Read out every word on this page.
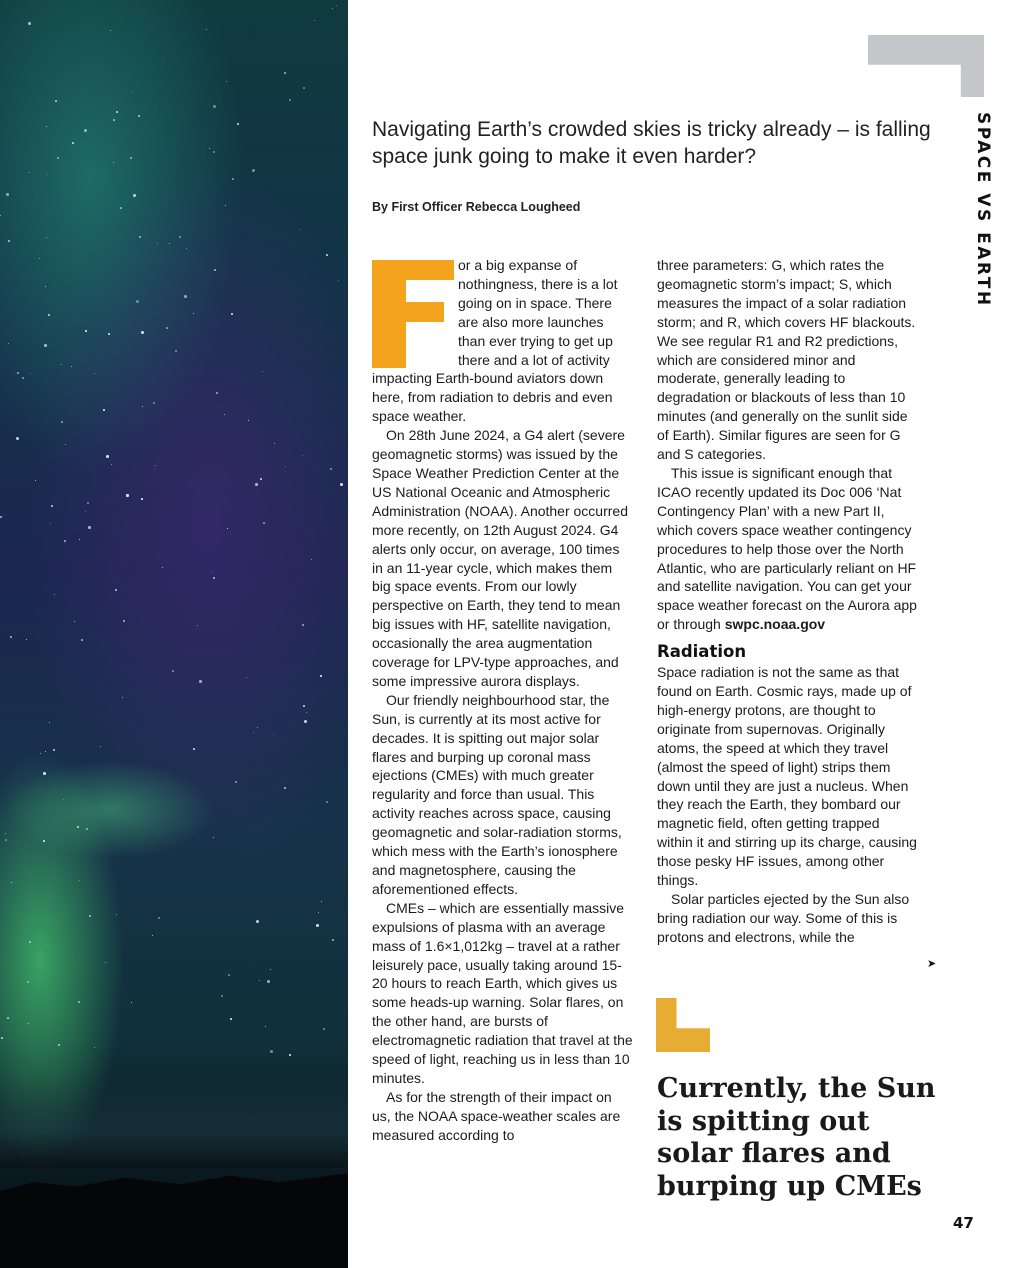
SPACE VS EARTH
Navigating Earth’s crowded skies is tricky already – is falling space junk going to make it even harder?
By First Officer Rebecca Lougheed

or a big expanse of nothingness, there is a lot going on in space. There are also more launches than ever trying to get up there and a lot of activity impacting Earth-bound aviators down here, from radiation to debris and even space weather.

On 28th June 2024, a G4 alert (severe geomagnetic storms) was issued by the Space Weather Prediction Center at the US National Oceanic and Atmospheric Administration (NOAA). Another occurred more recently, on 12th August 2024. G4 alerts only occur, on average, 100 times in an 11-year cycle, which makes them big space events. From our lowly perspective on Earth, they tend to mean big issues with HF, satellite navigation, occasionally the area augmentation coverage for LPV-type approaches, and some impressive aurora displays.

Our friendly neighbourhood star, the Sun, is currently at its most active for decades. It is spitting out major solar flares and burping up coronal mass ejections (CMEs) with much greater regularity and force than usual. This activity reaches across space, causing geomagnetic and solar-radiation storms, which mess with the Earth’s ionosphere and magnetosphere, causing the aforementioned effects.

CMEs – which are essentially massive expulsions of plasma with an average mass of 1.6×1,012kg – travel at a rather leisurely pace, usually taking around 15-20 hours to reach Earth, which gives us some heads-up warning. Solar flares, on the other hand, are bursts of electromagnetic radiation that travel at the speed of light, reaching us in less than 10 minutes.

As for the strength of their impact on us, the NOAA space-weather scales are measured according to

three parameters: G, which rates the geomagnetic storm’s impact; S, which measures the impact of a solar radiation storm; and R, which covers HF blackouts. We see regular R1 and R2 predictions, which are considered minor and moderate, generally leading to degradation or blackouts of less than 10 minutes (and generally on the sunlit side of Earth). Similar figures are seen for G and S categories.

This issue is significant enough that ICAO recently updated its Doc 006 ‘Nat Contingency Plan’ with a new Part II, which covers space weather contingency procedures to help those over the North Atlantic, who are particularly reliant on HF and satellite navigation. You can get your space weather forecast on the Aurora app or through swpc.noaa.gov

Radiation

Space radiation is not the same as that found on Earth. Cosmic rays, made up of high-energy protons, are thought to originate from supernovas. Originally atoms, the speed at which they travel (almost the speed of light) strips them down until they are just a nucleus. When they reach the Earth, they bombard our magnetic field, often getting trapped within it and stirring up its charge, causing those pesky HF issues, among other things.

Solar particles ejected by the Sun also bring radiation our way. Some of this is protons and electrons, while the

➤
Currently, the Sun is spitting out solar flares and burping up CMEs
47
